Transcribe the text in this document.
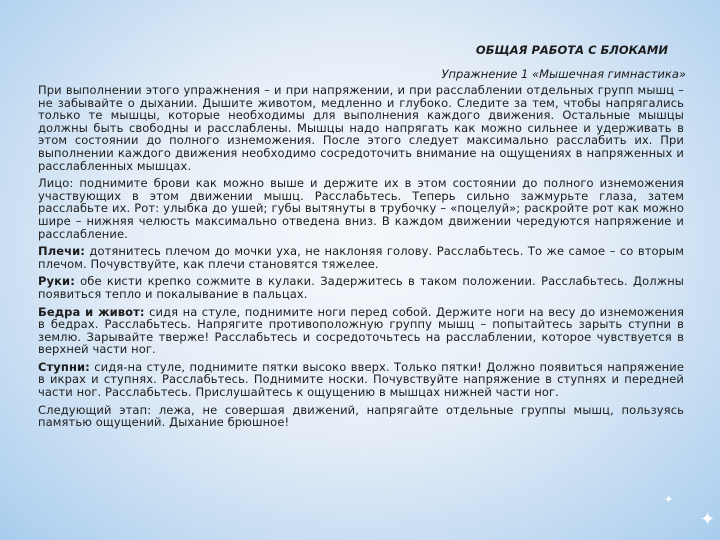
✦
✦

ОБЩАЯ РАБОТА С БЛОКАМИ

Упражнение 1 «Мышечная гимнастика»

При выполнении этого упражнения – и при напряжении, и при расслаблении отдельных групп мышц – не забывайте о дыхании. Дышите животом, медленно и глубоко. Следите за тем, чтобы напрягались только те мышцы, которые необходимы для выполнения каждого движения. Остальные мышцы должны быть свободны и расслаблены. Мышцы надо напрягать как можно сильнее и удерживать в этом состоянии до полного изнеможения. После этого следует максимально расслабить их. При выполнении каждого движения необходимо сосредоточить внимание на ощущениях в напряженных и расслабленных мышцах.

Лицо: поднимите брови как можно выше и держите их в этом состоянии до полного изнеможения участвующих в этом движении мышц. Расслабьтесь. Теперь сильно зажмурьте глаза, затем расслабьте их. Рот: улыбка до ушей; губы вытянуты в трубочку – «поцелуй»; раскройте рот как можно шире – нижняя челюсть максимально отведена вниз. В каждом движении чередуются напряжение и расслабление.

Плечи: дотянитесь плечом до мочки уха, не наклоняя голову. Расслабьтесь. То же самое – со вторым плечом. Почувствуйте, как плечи становятся тяжелее.

Руки: обе кисти крепко сожмите в кулаки. Задержитесь в таком положении. Расслабьтесь. Должны появиться тепло и покалывание в пальцах.

Бедра и живот: сидя на стуле, поднимите ноги перед собой. Держите ноги на весу до изнеможения в бедрах. Расслабьтесь. Напрягите противоположную группу мышц – попытайтесь зарыть ступни в землю. Зарывайте тверже! Расслабьтесь и сосредоточьтесь на расслаблении, которое чувствуется в верхней части ног.

Ступни: сидя-на стуле, поднимите пятки высоко вверх. Только пятки! Должно появиться напряжение в икрах и ступнях. Расслабьтесь. Поднимите носки. Почувствуйте напряжение в ступнях и передней части ног. Расслабьтесь. Прислушайтесь к ощущению в мышцах нижней части ног.

Следующий этап: лежа, не совершая движений, напрягайте отдельные группы мышц, пользуясь памятью ощущений. Дыхание брюшное!
